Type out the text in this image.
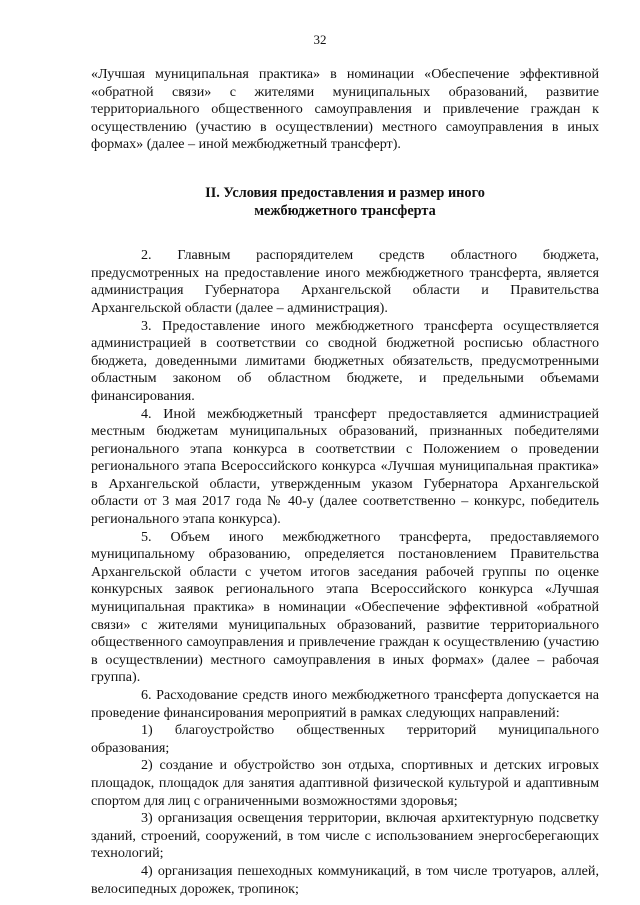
32

«Лучшая муниципальная практика» в номинации «Обеспечение эффективной «обратной связи» с жителями муниципальных образований, развитие территориального общественного самоуправления и привлечение граждан к осуществлению (участию в осуществлении) местного самоуправления в иных формах» (далее – иной межбюджетный трансферт).

II. Условия предоставления и размер иного
межбюджетного трансферта

2. Главным распорядителем средств областного бюджета, предусмотренных на предоставление иного межбюджетного трансферта, является администрация Губернатора Архангельской области и Правительства Архангельской области (далее – администрация).

3. Предоставление иного межбюджетного трансферта осуществляется администрацией в соответствии со сводной бюджетной росписью областного бюджета, доведенными лимитами бюджетных обязательств, предусмотренными областным законом об областном бюджете, и предельными объемами финансирования.

4. Иной межбюджетный трансферт предоставляется администрацией местным бюджетам муниципальных образований, признанных победителями регионального этапа конкурса в соответствии с Положением о проведении регионального этапа Всероссийского конкурса «Лучшая муниципальная практика» в Архангельской области, утвержденным указом Губернатора Архангельской области от 3 мая 2017 года № 40-у (далее соответственно – конкурс, победитель регионального этапа конкурса).

5. Объем иного межбюджетного трансферта, предоставляемого муниципальному образованию, определяется постановлением Правительства Архангельской области с учетом итогов заседания рабочей группы по оценке конкурсных заявок регионального этапа Всероссийского конкурса «Лучшая муниципальная практика» в номинации «Обеспечение эффективной «обратной связи» с жителями муниципальных образований, развитие территориального общественного самоуправления и привлечение граждан к осуществлению (участию в осуществлении) местного самоуправления в иных формах» (далее – рабочая группа).

6. Расходование средств иного межбюджетного трансферта допускается на проведение финансирования мероприятий в рамках следующих направлений:

1) благоустройство общественных территорий муниципального образования;

2) создание и обустройство зон отдыха, спортивных и детских игровых площадок, площадок для занятия адаптивной физической культурой и адаптивным спортом для лиц с ограниченными возможностями здоровья;

3) организация освещения территории, включая архитектурную подсветку зданий, строений, сооружений, в том числе с использованием энергосберегающих технологий;

4) организация пешеходных коммуникаций, в том числе тротуаров, аллей, велосипедных дорожек, тропинок;
